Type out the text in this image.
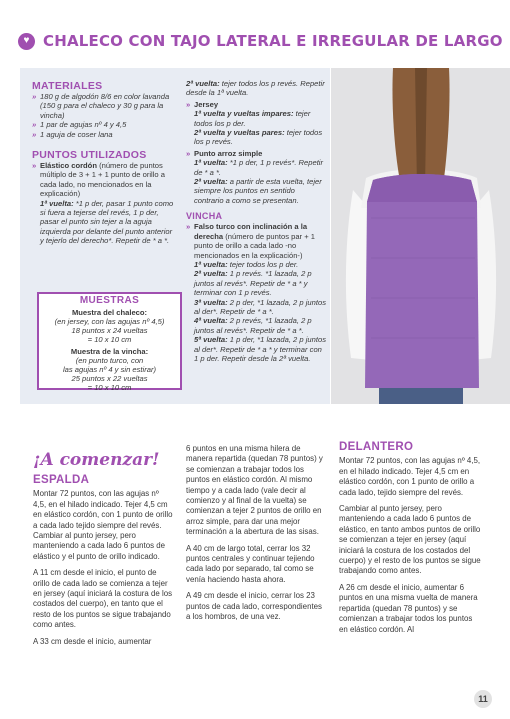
♥ CHALECO CON TAJO LATERAL E IRREGULAR DE LARGO
MATERIALES
» 180 g de algodón 8/6 en color lavanda (150 g para el chaleco y 30 g para la vincha)
» 1 par de agujas nº 4 y 4,5
» 1 aguja de coser lana
PUNTOS UTILIZADOS
» Elástico cordón (número de puntos múltiplo de 3 + 1 + 1 punto de orillo a cada lado, no mencionados en la explicación)
1ª vuelta: *1 p der, pasar 1 punto como si fuera a tejerse del revés, 1 p der, pasar el punto sin tejer a la aguja izquierda por delante del punto anterior y tejerlo del derecho*. Repetir de * a *.
MUESTRAS
Muestra del chaleco:
(en jersey, con las agujas nº 4,5)
18 puntos x 24 vueltas
= 10 x 10 cm
Muestra de la vincha:
(en punto turco, con
las agujas nº 4 y sin estirar)
25 puntos x 22 vueltas
= 10 x 10 cm
2ª vuelta: tejer todos los p revés. Repetir desde la 1ª vuelta.
» Jersey
1ª vuelta y vueltas impares: tejer todos los p der.
2ª vuelta y vueltas pares: tejer todos los p revés.
» Punto arroz simple
1ª vuelta: *1 p der, 1 p revés*. Repetir de * a *.
2ª vuelta: a partir de esta vuelta, tejer siempre los puntos en sentido contrario a como se presentan.
VINCHA
» Falso turco con inclinación a la derecha (número de puntos par + 1 punto de orillo a cada lado -no mencionados en la explicación-)
1ª vuelta: tejer todos los p der.
2ª vuelta: 1 p revés. *1 lazada, 2 p juntos al revés*. Repetir de * a * y terminar con 1 p revés.
3ª vuelta: 2 p der, *1 lazada, 2 p juntos al der*. Repetir de * a *.
4ª vuelta: 2 p revés, *1 lazada, 2 p juntos al revés*. Repetir de * a *.
5ª vuelta: 1 p der, *1 lazada, 2 p juntos al der*. Repetir de * a * y terminar con 1 p der. Repetir desde la 2ª vuelta.
¡A comenzar!
ESPALDA
Montar 72 puntos, con las agujas nº 4,5, en el hilado indicado. Tejer 4,5 cm en elástico cordón, con 1 punto de orillo a cada lado tejido siempre del revés. Cambiar al punto jersey, pero manteniendo a cada lado 6 puntos de elástico y el punto de orillo indicado.
A 11 cm desde el inicio, el punto de orillo de cada lado se comienza a tejer en jersey (aquí iniciará la costura de los costados del cuerpo), en tanto que el resto de los puntos se sigue trabajando como antes.
A 33 cm desde el inicio, aumentar
6 puntos en una misma hilera de manera repartida (quedan 78 puntos) y se comienzan a trabajar todos los puntos en elástico cordón. Al mismo tiempo y a cada lado (vale decir al comienzo y al final de la vuelta) se comienzan a tejer 2 puntos de orillo en arroz simple, para dar una mejor terminación a la abertura de las sisas.
A 40 cm de largo total, cerrar los 32 puntos centrales y continuar tejiendo cada lado por separado, tal como se venía haciendo hasta ahora.
A 49 cm desde el inicio, cerrar los 23 puntos de cada lado, correspondientes a los hombros, de una vez.
DELANTERO
Montar 72 puntos, con las agujas nº 4,5, en el hilado indicado. Tejer 4,5 cm en elástico cordón, con 1 punto de orillo a cada lado, tejido siempre del revés.
Cambiar al punto jersey, pero manteniendo a cada lado 6 puntos de elástico, en tanto ambos puntos de orillo se comienzan a tejer en jersey (aquí iniciará la costura de los costados del cuerpo) y el resto de los puntos se sigue trabajando como antes.
A 26 cm desde el inicio, aumentar 6 puntos en una misma vuelta de manera repartida (quedan 78 puntos) y se comienzan a trabajar todos los puntos en elástico cordón. Al
11
